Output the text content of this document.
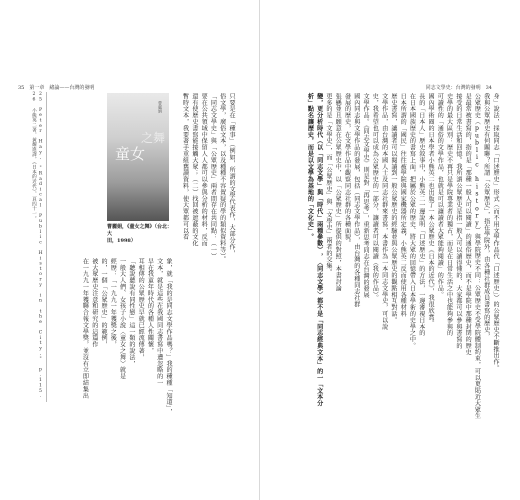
35　第一章　緒論——台灣的發明
25 Peter Hay, "Radical Public History in the City," p.115.
26 小熊英二著，黃耀進譯，《日本的近代》，頁四十一。	只要是在「種事」（例如，所謂的文學代表作，大部分作，
俗文學，廣俗文本，以及種種不容置疑的學的類似資料等）。
「同志文學史」與「公眾歷史」兩者間存在共同點：（一）
要在公共領域中保留人人都可以參與分析的材料，反而
還有使歷史書寫能接觸大眾；（二）找回被遮蔽的文化
暫時文本，我要著手重組舊讀資料，使大眾都可以看
曹麗娟
之舞
童女
曹麗娟，《童女之舞》（台北：大
田，1998）
象，就「我的是同志文學作品嗎？」我的種種「知道」，
文本，就是這些在我國同志書寫中遭忽略的一
早在我童年時代的各種人性關懷，
耳相傳的公眾歷史早就已經流傳著，
「聽說聽說有同性戀」這一類的說法，
一般大人們、女孩子小說〈童女之舞〉就是
經歷：「一九九一年獲獎之後，
的，一個「公眾歷史」的範例，
被大眾歷史注意和研究的這篇作
在一九九一年獲聯合報文學獎，並沒有立即結集出
同志文學史：台灣的發明　34
身」說法，採取同志「口述歷史」形式（而不用文學作品代「口述歷史」）的公眾歷史不斷推出作。
我與公眾歷史有何關聯？所謂「公眾歷史」，指在學院外，由各種社群成員書寫的歷史，
公眾歷史（public history）與學院歷史不同：公眾歷史不受學院體制約束，可以更貼近大眾生
是最常被書寫的，指的是「那種一般人可以閱讀」的通俗歷史，而不是學院中那種封閉的歷史
接受的日常生活和回憶。我所謂公眾歷史是指一般人可以讀得懂的、大家都可以參與書寫的
史學的最大區別：歷史不再只是學院專業者的獨占，而是在日常生活之中也能夠參與的
可讀性的「通俗的文學作品，也就是可以讓讀者大眾能夠閱讀」的作品。
國內學術圈的日本學者小熊英二也出版了一本公眾歷史《日本的近代》，我很欣賞。
長的「日本人」歷史敘事中，小熊英二一邊說明「口述歷史」的方法，一邊審視日本的
在日本國族歷史的書寫上面，把屬於公眾的歷史、將大眾的回憶帶入日本學術的史學之中。
日本所謂的「國民」往往被學院與國家機器所定義，小熊英二反而使用各種材料
歷史書寫，讓讀者可以閱讀到一般公眾歷史的經驗並與公眾歷史的觀點相互對話。
文學作品，由台灣的本國人士及同志社群來書寫，本書作為一本同志文學史，可以說
史，我希望也可以成為公眾歷史的一部分，讓讀者可以閱讀（我的作品）。
文學作品。《同志文學史》則是對「再思考」，重新思考同志在台灣的發展
國內同志與文學作品的發展，包括（同志文學作品），由台灣的各種同志社群
發展的歷史，在文學作品中觀察同志社群的各種面貌。
張懸並且願意在公眾歷史中，以「公眾歷史」所提供的對照，本書討論
更多的是「文學史」，而「公眾歷史」與「文學史」兩者的交集。
變，更分析時代（以「同志文學」與「時代」兩種參數），〈同志文學〉都不是「同志經典文本」的一「文本分
析」點名讓歷史，而是以文學為基地的「文化史」。
